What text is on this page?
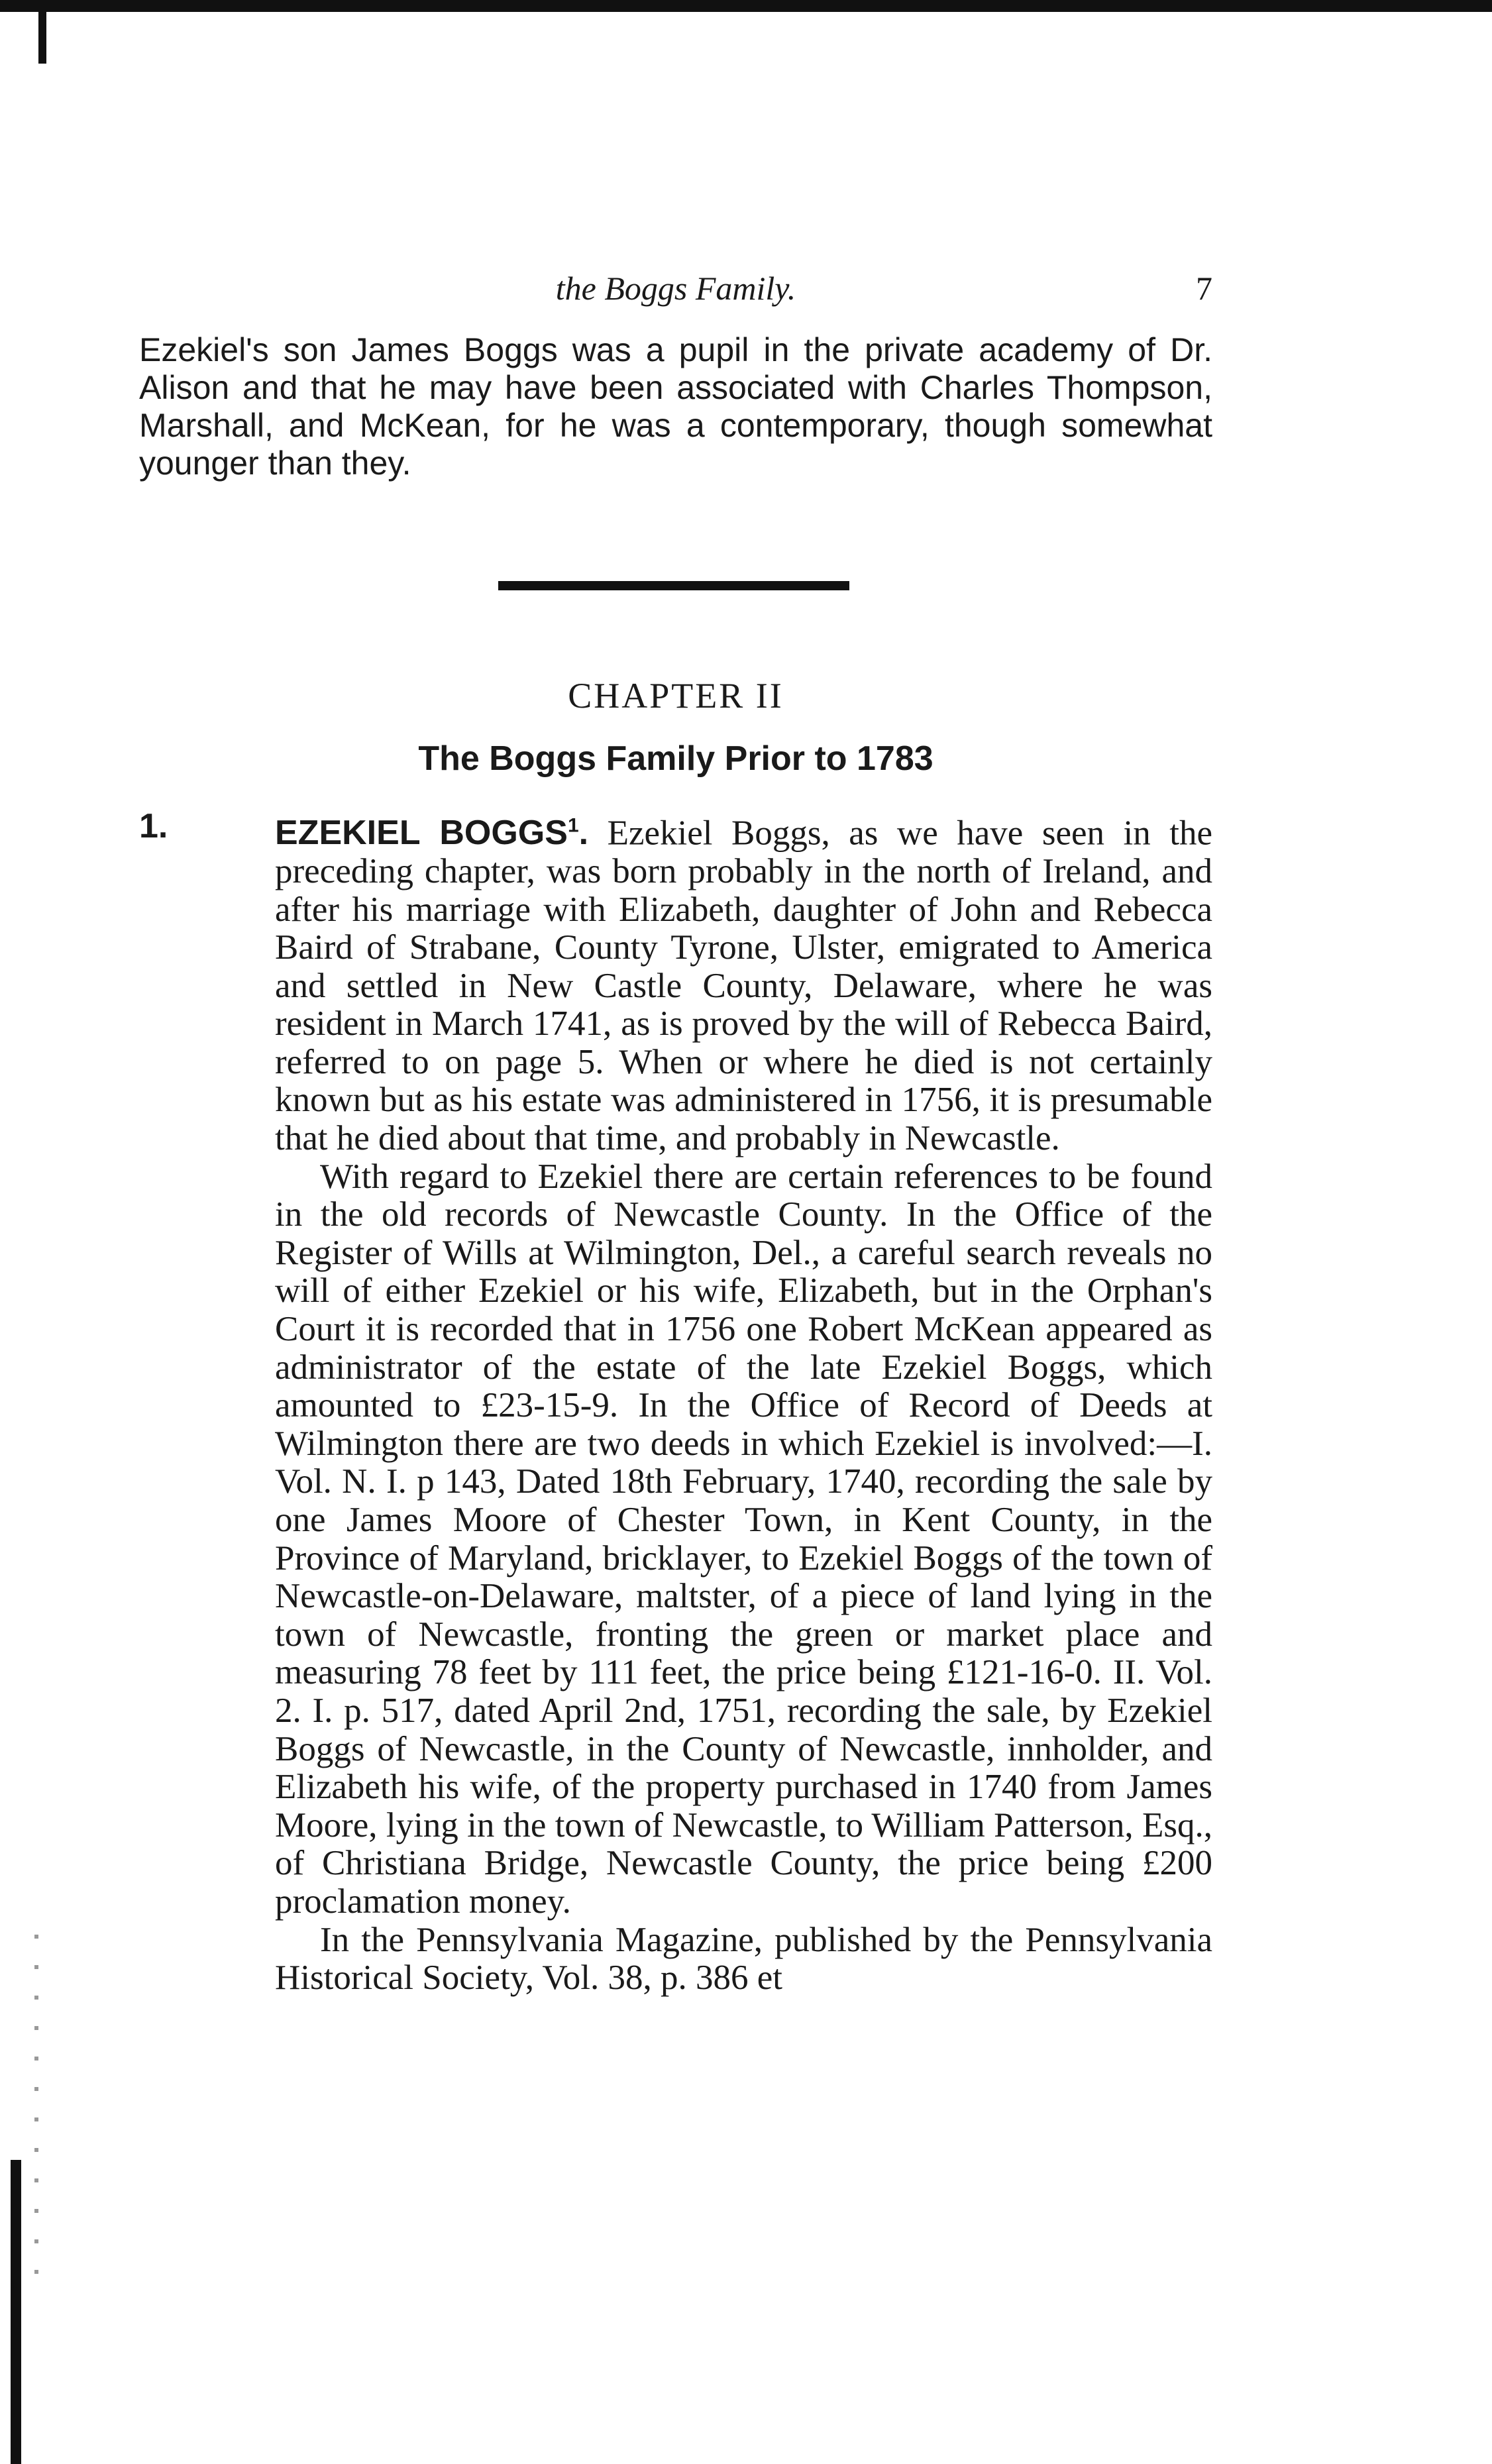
the Boggs Family.	7

Ezekiel's son James Boggs was a pupil in the private academy of Dr. Alison and that he may have been associated with Charles Thompson, Marshall, and McKean, for he was a contemporary, though somewhat younger than they.

CHAPTER II
The Boggs Family Prior to 1783
1.	EZEKIEL BOGGS$^1$. Ezekiel Boggs, as we have seen in the preceding chapter, was born probably in the north of Ireland, and after his marriage with Elizabeth, daughter of John and Rebecca Baird of Strabane, County Tyrone, Ulster, emigrated to America and settled in New Castle County, Delaware, where he was resident in March 1741, as is proved by the will of Rebecca Baird, referred to on page 5. When or where he died is not certainly known but as his estate was administered in 1756, it is presumable that he died about that time, and probably in Newcastle.

With regard to Ezekiel there are certain references to be found in the old records of Newcastle County. In the Office of the Register of Wills at Wilmington, Del., a careful search reveals no will of either Ezekiel or his wife, Elizabeth, but in the Orphan's Court it is recorded that in 1756 one Robert McKean appeared as administrator of the estate of the late Ezekiel Boggs, which amounted to £23-15-9. In the Office of Record of Deeds at Wilmington there are two deeds in which Ezekiel is involved:—I. Vol. N. I. p 143, Dated 18th February, 1740, recording the sale by one James Moore of Chester Town, in Kent County, in the Province of Maryland, bricklayer, to Ezekiel Boggs of the town of Newcastle-on-Delaware, maltster, of a piece of land lying in the town of Newcastle, fronting the green or market place and measuring 78 feet by 111 feet, the price being £121-16-0. II. Vol. 2. I. p. 517, dated April 2nd, 1751, recording the sale, by Ezekiel Boggs of Newcastle, in the County of Newcastle, innholder, and Elizabeth his wife, of the property purchased in 1740 from James Moore, lying in the town of Newcastle, to William Patterson, Esq., of Christiana Bridge, Newcastle County, the price being £200 proclamation money.

In the Pennsylvania Magazine, published by the Pennsylvania Historical Society, Vol. 38, p. 386 et
